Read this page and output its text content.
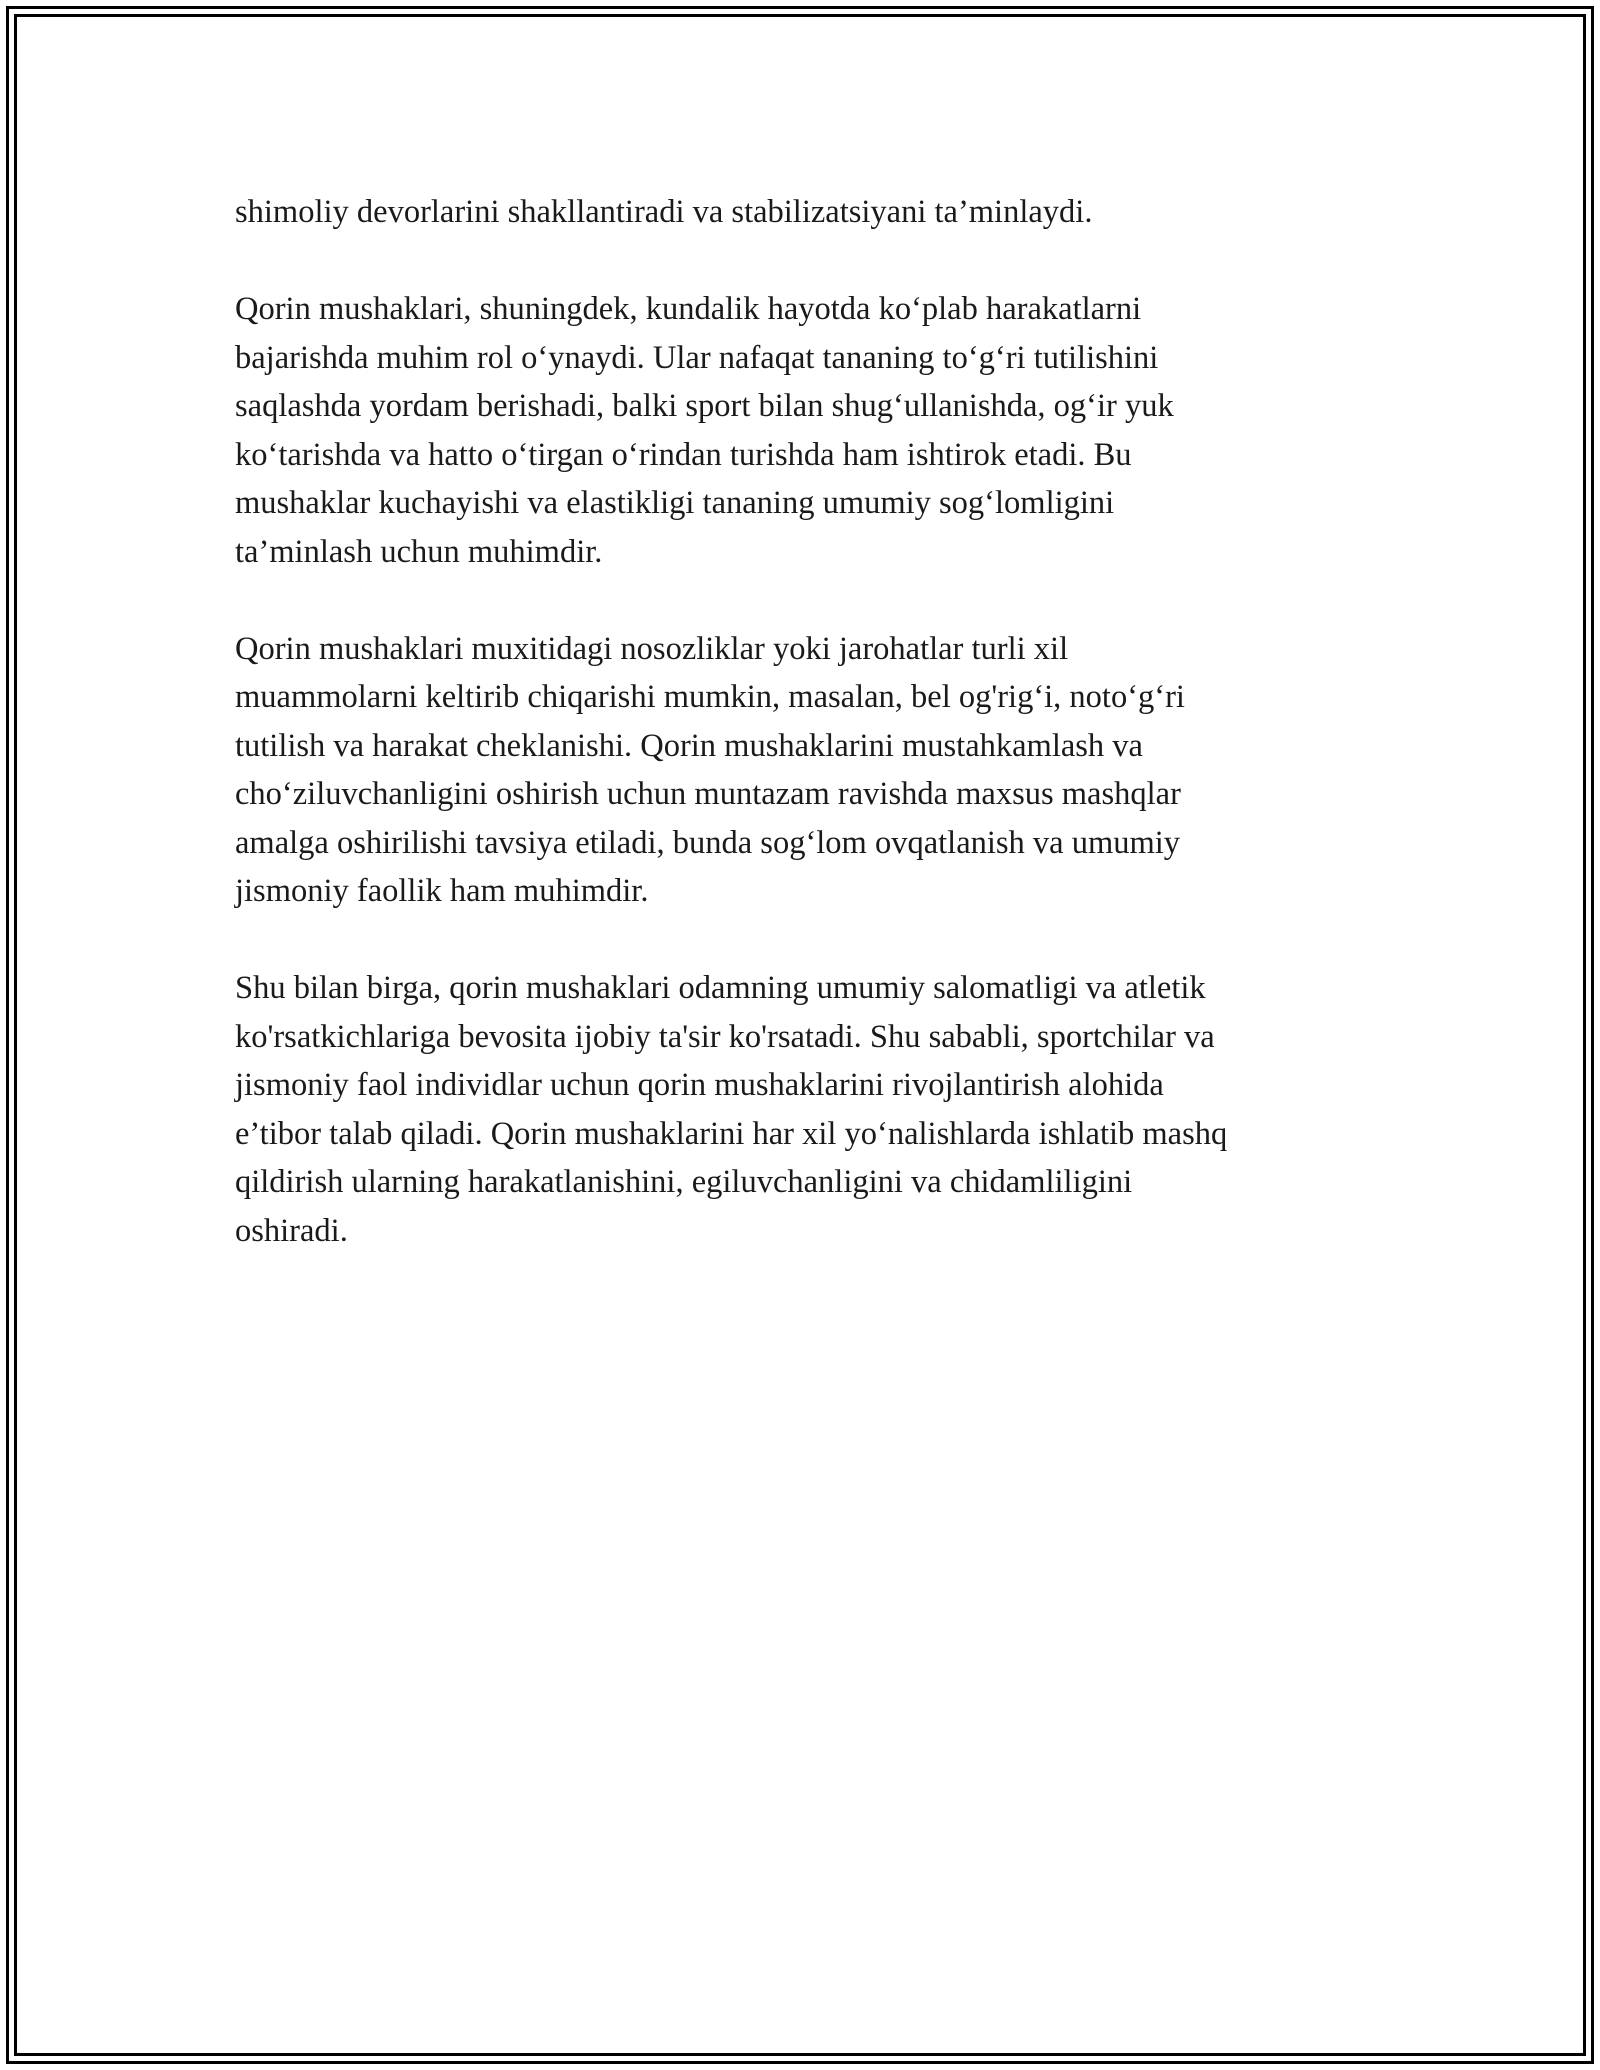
shimoliy devorlarini shakllantiradi va stabilizatsiyani ta’minlaydi.

Qorin mushaklari, shuningdek, kundalik hayotda ko‘plab harakatlarni
bajarishda muhim rol o‘ynaydi. Ular nafaqat tananing to‘g‘ri tutilishini
saqlashda yordam berishadi, balki sport bilan shug‘ullanishda, og‘ir yuk
ko‘tarishda va hatto o‘tirgan o‘rindan turishda ham ishtirok etadi. Bu
mushaklar kuchayishi va elastikligi tananing umumiy sog‘lomligini
ta’minlash uchun muhimdir.

Qorin mushaklari muxitidagi nosozliklar yoki jarohatlar turli xil
muammolarni keltirib chiqarishi mumkin, masalan, bel og'rig‘i, noto‘g‘ri
tutilish va harakat cheklanishi. Qorin mushaklarini mustahkamlash va
cho‘ziluvchanligini oshirish uchun muntazam ravishda maxsus mashqlar
amalga oshirilishi tavsiya etiladi, bunda sog‘lom ovqatlanish va umumiy
jismoniy faollik ham muhimdir.

Shu bilan birga, qorin mushaklari odamning umumiy salomatligi va atletik
ko'rsatkichlariga bevosita ijobiy ta'sir ko'rsatadi. Shu sababli, sportchilar va
jismoniy faol individlar uchun qorin mushaklarini rivojlantirish alohida
e’tibor talab qiladi. Qorin mushaklarini har xil yo‘nalishlarda ishlatib mashq
qildirish ularning harakatlanishini, egiluvchanligini va chidamliligini
oshiradi.
